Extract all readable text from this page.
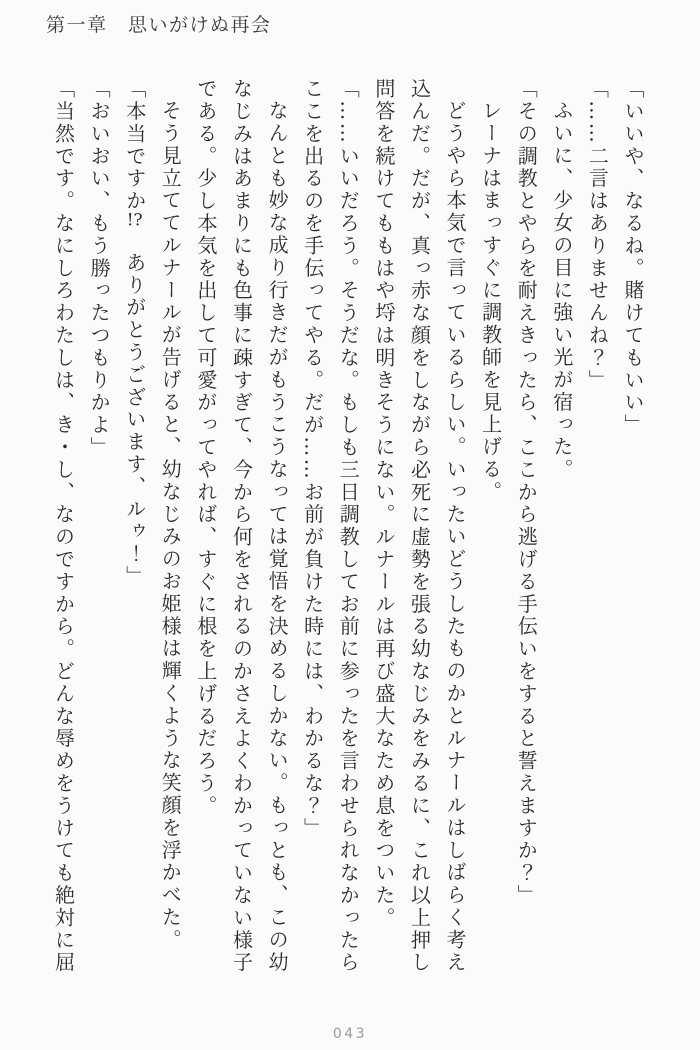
第一章　思いがけぬ再会
「いいや、なるね。賭けてもいい」
「……二言はありませんね？」
ふいに、少女の目に強い光が宿った。
「その調教とやらを耐えきったら、ここから逃げる手伝いをすると誓えますか？」
レーナはまっすぐに調教師を見上げる。
どうやら本気で言っているらしい。いったいどうしたものかとルナールはしばらく考え
込んだ。だが、真っ赤な顔をしながら必死に虚勢を張る幼なじみをみるに、これ以上押し
問答を続けてももはや埒は明きそうにない。ルナールは再び盛大なため息をついた。
「……いいだろう。そうだな。もしも三日調教してお前に参ったを言わせられなかったら
ここを出るのを手伝ってやる。だが……お前が負けた時には、わかるな？」
なんとも妙な成り行きだがもうこうなっては覚悟を決めるしかない。もっとも、この幼
なじみはあまりにも色事に疎すぎて、今から何をされるのかさえよくわかっていない様子
である。少し本気を出して可愛がってやれば、すぐに根を上げるだろう。
そう見立ててルナールが告げると、幼なじみのお姫様は輝くような笑顔を浮かべた。
「本当ですか!?　ありがとうございます、ルゥ！」
「おいおい、もう勝ったつもりかよ」
「当然です。なにしろわたしは、き・し、なのですから。どんな辱めをうけても絶対に屈
043
